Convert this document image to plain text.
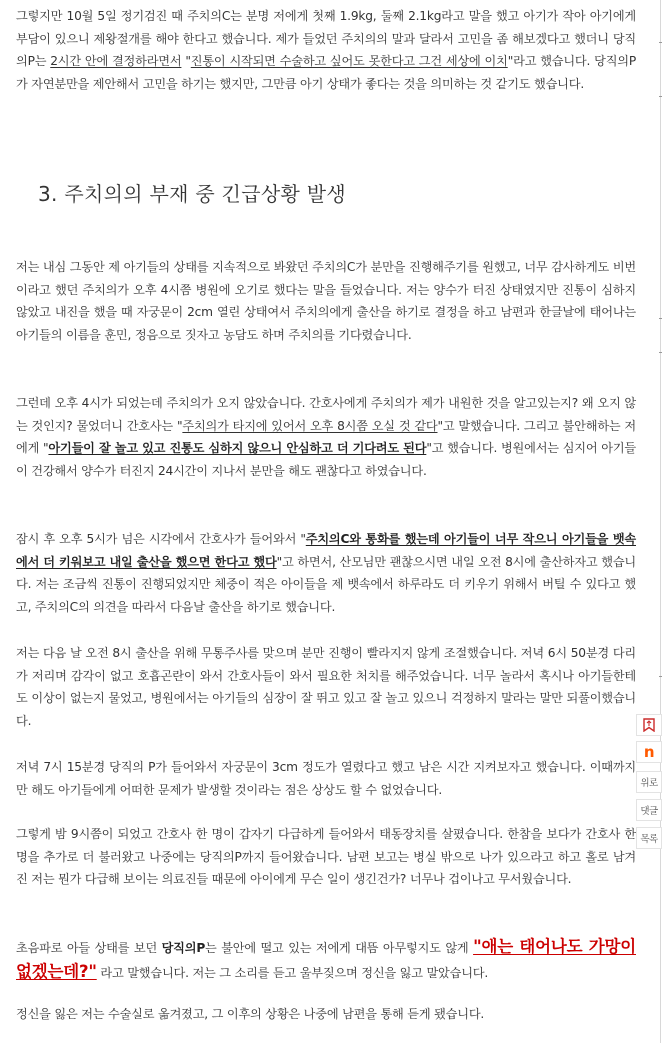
그렇지만 10월 5일 정기검진 때 주치의C는 분명 저에게 첫째 1.9kg, 둘째 2.1kg라고 말을 했고 아기가 작아 아기에게 부담이 있으니 제왕절개를 해야 한다고 했습니다. 제가 들었던 주치의의 말과 달라서 고민을 좀 해보겠다고 했더니 당직의P는 2시간 안에 결정하라면서 "진통이 시작되면 수술하고 싶어도 못한다고 그건 세상에 이치"라고 했습니다. 당직의P가 자연분만을 제안해서 고민을 하기는 했지만, 그만큼 아기 상태가 좋다는 것을 의미하는 것 같기도 했습니다.

3. 주치의의 부재 중 긴급상황 발생

저는 내심 그동안 제 아기들의 상태를 지속적으로 봐왔던 주치의C가 분만을 진행해주기를 원했고, 너무 감사하게도 비번이라고 했던 주치의가 오후 4시쯤 병원에 오기로 했다는 말을 들었습니다. 저는 양수가 터진 상태였지만 진통이 심하지 않았고 내진을 했을 때 자궁문이 2cm 열린 상태여서 주치의에게 출산을 하기로 결정을 하고 남편과 한글날에 태어나는 아기들의 이름을 훈민, 정음으로 짓자고 농담도 하며 주치의를 기다렸습니다.

그런데 오후 4시가 되었는데 주치의가 오지 않았습니다. 간호사에게 주치의가 제가 내원한 것을 알고있는지? 왜 오지 않는 것인지? 물었더니 간호사는 "주치의가 타지에 있어서 오후 8시쯤 오실 것 같다"고 말했습니다. 그리고 불안해하는 저에게 "아기들이 잘 놀고 있고 진통도 심하지 않으니 안심하고 더 기다려도 된다"고 했습니다. 병원에서는 심지어 아기들이 건강해서 양수가 터진지 24시간이 지나서 분만을 해도 괜찮다고 하였습니다.

잠시 후 오후 5시가 넘은 시각에서 간호사가 들어와서 "주치의C와 통화를 했는데 아기들이 너무 작으니 아기들을 뱃속에서 더 키워보고 내일 출산을 했으면 한다고 했다"고 하면서, 산모님만 괜찮으시면 내일 오전 8시에 출산하자고 했습니다. 저는 조금씩 진통이 진행되었지만 체중이 적은 아이들을 제 뱃속에서 하루라도 더 키우기 위해서 버틸 수 있다고 했고, 주치의C의 의견을 따라서 다음날 출산을 하기로 했습니다.

저는 다음 날 오전 8시 출산을 위해 무통주사를 맞으며 분만 진행이 빨라지지 않게 조절했습니다. 저녁 6시 50분경 다리가 저리며 감각이 없고 호흡곤란이 와서 간호사들이 와서 필요한 처치를 해주었습니다. 너무 놀라서 혹시나 아기들한테도 이상이 없는지 물었고, 병원에서는 아기들의 심장이 잘 뛰고 있고 잘 놀고 있으니 걱정하지 말라는 말만 되풀이했습니다.

저녁 7시 15분경 당직의 P가 들어와서 자궁문이 3cm 정도가 열렸다고 했고 남은 시간 지켜보자고 했습니다. 이때까지만 해도 아기들에게 어떠한 문제가 발생할 것이라는 점은 상상도 할 수 없었습니다.

그렇게 밤 9시쯤이 되었고 간호사 한 명이 갑자기 다급하게 들어와서 태동장치를 살폈습니다. 한참을 보다가 간호사 한명을 추가로 더 불러왔고 나중에는 당직의P까지 들어왔습니다. 남편 보고는 병실 밖으로 나가 있으라고 하고 홀로 남겨진 저는 뭔가 다급해 보이는 의료진들 때문에 아이에게 무슨 일이 생긴건가? 너무나 겁이나고 무서웠습니다.

초음파로 아들 상태를 보던 당직의P는 불안에 떨고 있는 저에게 대뜸 아무렇지도 않게 "애는 태어나도 가망이 없겠는데?" 라고 말했습니다. 저는 그 소리를 듣고 울부짖으며 정신을 잃고 말았습니다.

정신을 잃은 저는 수술실로 옮겨졌고, 그 이후의 상황은 나중에 남편을 통해 듣게 됐습니다.

n
위로
댓글
목록
